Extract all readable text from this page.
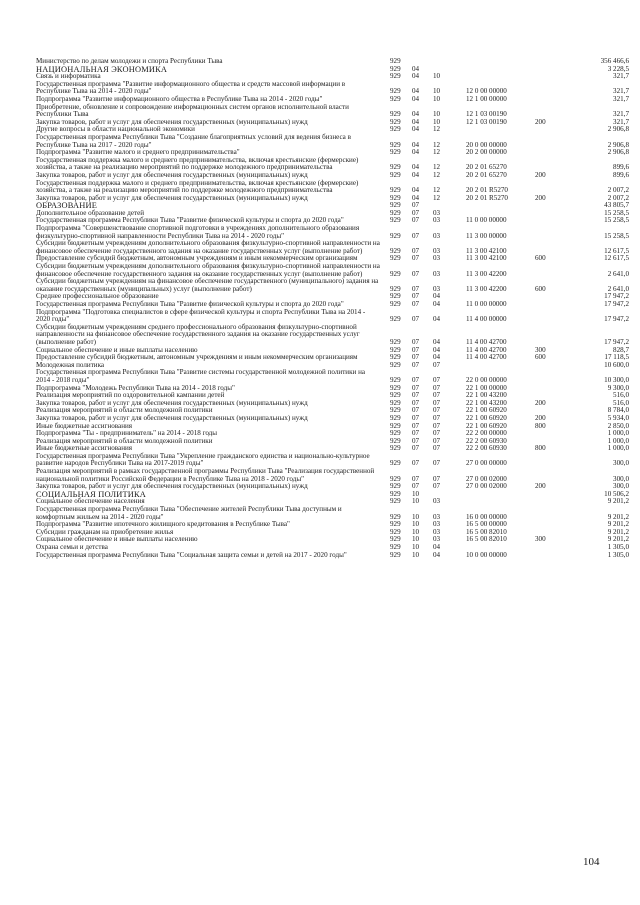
Министерство по делам молодежи и спорта Республики Тыва	929					356 466,6
НАЦИОНАЛЬНАЯ ЭКОНОМИКА	929	04				3 228,5
Связь и информатика	929	04	10			321,7
Государственная программа "Развитие информационного общества и средств массовой информации в Республике Тыва на 2014 - 2020 годы"	929	04	10	12 0 00 00000		321,7
Подпрограмма "Развитие информационного общества в Республике Тыва на 2014 - 2020 годы"	929	04	10	12 1 00 00000		321,7
Приобретение, обновление и сопровождение информационных систем органов исполнительной власти Республики Тыва	929	04	10	12 1 03 00190		321,7
Закупка товаров, работ и услуг для обеспечения государственных (муниципальных) нужд	929	04	10	12 1 03 00190	200	321,7
Другие вопросы в области национальной экономики	929	04	12			2 906,8
Государственная программа Республики Тыва "Создание благоприятных условий для ведения бизнеса в Республике Тыва на 2017 - 2020 годы"	929	04	12	20 0 00 00000		2 906,8
Подпрограмма "Развитие малого и среднего предпринимательства"	929	04	12	20 2 00 00000		2 906,8
Государственная поддержка малого и среднего предпринимательства, включая крестьянские (фермерские) хозяйства, а также на реализацию мероприятий по поддержке молодежного предпринимательства	929	04	12	20 2 01 65270		899,6
Закупка товаров, работ и услуг для обеспечения государственных (муниципальных) нужд	929	04	12	20 2 01 65270	200	899,6
Государственная поддержка малого и среднего предпринимательства, включая крестьянские (фермерские) хозяйства, а также на реализацию мероприятий по поддержке молодежного предпринимательства	929	04	12	20 2 01 R5270		2 007,2
Закупка товаров, работ и услуг для обеспечения государственных (муниципальных) нужд	929	04	12	20 2 01 R5270	200	2 007,2
ОБРАЗОВАНИЕ	929	07				43 805,7
Дополнительное образование детей	929	07	03			15 258,5
Государственная программа Республики Тыва "Развитие физической культуры и спорта до 2020 года"	929	07	03	11 0 00 00000		15 258,5
Подпрограмма "Совершенствование спортивной подготовки в учреждениях дополнительного образования физкультурно-спортивной направленности Республики Тыва на 2014 - 2020 годы"	929	07	03	11 3 00 00000		15 258,5
Субсидии бюджетным учреждениям дополнительного образования физкультурно-спортивной направленности на финансовое обеспечение государственного задания на оказание государственных услуг (выполнение работ)	929	07	03	11 3 00 42100		12 617,5
Предоставление субсидий бюджетным, автономным учреждениям и иным некоммерческим организациям	929	07	03	11 3 00 42100	600	12 617,5
Субсидии бюджетным учреждениям дополнительного образования физкультурно-спортивной направленности на финансовое обеспечение государственного задания на оказание государственных услуг (выполнение работ)	929	07	03	11 3 00 42200		2 641,0
Субсидии бюджетным учреждениям на финансовое обеспечение государственного (муниципального) задания на оказание государственных (муниципальных) услуг (выполнение работ)	929	07	03	11 3 00 42200	600	2 641,0
Среднее профессиональное образование	929	07	04			17 947,2
Государственная программа Республики Тыва "Развитие физической культуры и спорта до 2020 года"	929	07	04	11 0 00 00000		17 947,2
Подпрограмма "Подготовка специалистов в сфере физической культуры и спорта Республики Тыва на 2014 - 2020 годы"	929	07	04	11 4 00 00000		17 947,2
Субсидии бюджетным учреждениям среднего профессионального образования физкультурно-спортивной направленности на финансовое обеспечение государственного задания на оказание государственных услуг (выполнение работ)	929	07	04	11 4 00 42700		17 947,2
Социальное обеспечение и иные выплаты населению	929	07	04	11 4 00 42700	300	828,7
Предоставление субсидий бюджетным, автономным учреждениям и иным некоммерческим организациям	929	07	04	11 4 00 42700	600	17 118,5
Молодежная политика	929	07	07			10 600,0
Государственная программа Республики Тыва "Развитие системы государственной молодежной политики на 2014 - 2018 годы"	929	07	07	22 0 00 00000		10 300,0
Подпрограмма "Молодежь Республики Тыва на 2014 - 2018 годы"	929	07	07	22 1 00 00000		9 300,0
Реализация мероприятий по оздоровительной кампании детей	929	07	07	22 1 00 43200		516,0
Закупка товаров, работ и услуг для обеспечения государственных (муниципальных) нужд	929	07	07	22 1 00 43200	200	516,0
Реализация мероприятий в области молодежной политики	929	07	07	22 1 00 60920		8 784,0
Закупка товаров, работ и услуг для обеспечения государственных (муниципальных) нужд	929	07	07	22 1 00 60920	200	5 934,0
Иные бюджетные ассигнования	929	07	07	22 1 00 60920	800	2 850,0
Подпрограмма "Ты - предприниматель" на 2014 - 2018 годы	929	07	07	22 2 00 00000		1 000,0
Реализация мероприятий в области молодежной политики	929	07	07	22 2 00 60930		1 000,0
Иные бюджетные ассигнования	929	07	07	22 2 00 60930	800	1 000,0
Государственная программа Республики Тыва "Укрепление гражданского единства и национально-культурное развитие народов Республики Тыва на 2017-2019 годы"	929	07	07	27 0 00 00000		300,0
Реализация мероприятий в рамках государственной программы Республики Тыва "Реализация государственной национальной политики Российской Федерации в Республике Тыва на 2018 - 2020 годы"	929	07	07	27 0 00 02000		300,0
Закупка товаров, работ и услуг для обеспечения государственных (муниципальных) нужд	929	07	07	27 0 00 02000	200	300,0
СОЦИАЛЬНАЯ ПОЛИТИКА	929	10				10 506,2
Социальное обеспечение населения	929	10	03			9 201,2
Государственная программа Республики Тыва "Обеспечение жителей Республики Тыва доступным и комфортным жильем на 2014 - 2020 годы"	929	10	03	16 0 00 00000		9 201,2
Подпрограмма "Развитие ипотечного жилищного кредитования в Республике Тыва"	929	10	03	16 5 00 00000		9 201,2
Субсидии гражданам на приобретение жилья	929	10	03	16 5 00 82010		9 201,2
Социальное обеспечение и иные выплаты населению	929	10	03	16 5 00 82010	300	9 201,2
Охрана семьи и детства	929	10	04			1 305,0
Государственная программа Республики Тыва "Социальная защита семьи и детей на 2017 - 2020 годы"	929	10	04	10 0 00 00000		1 305,0
104
